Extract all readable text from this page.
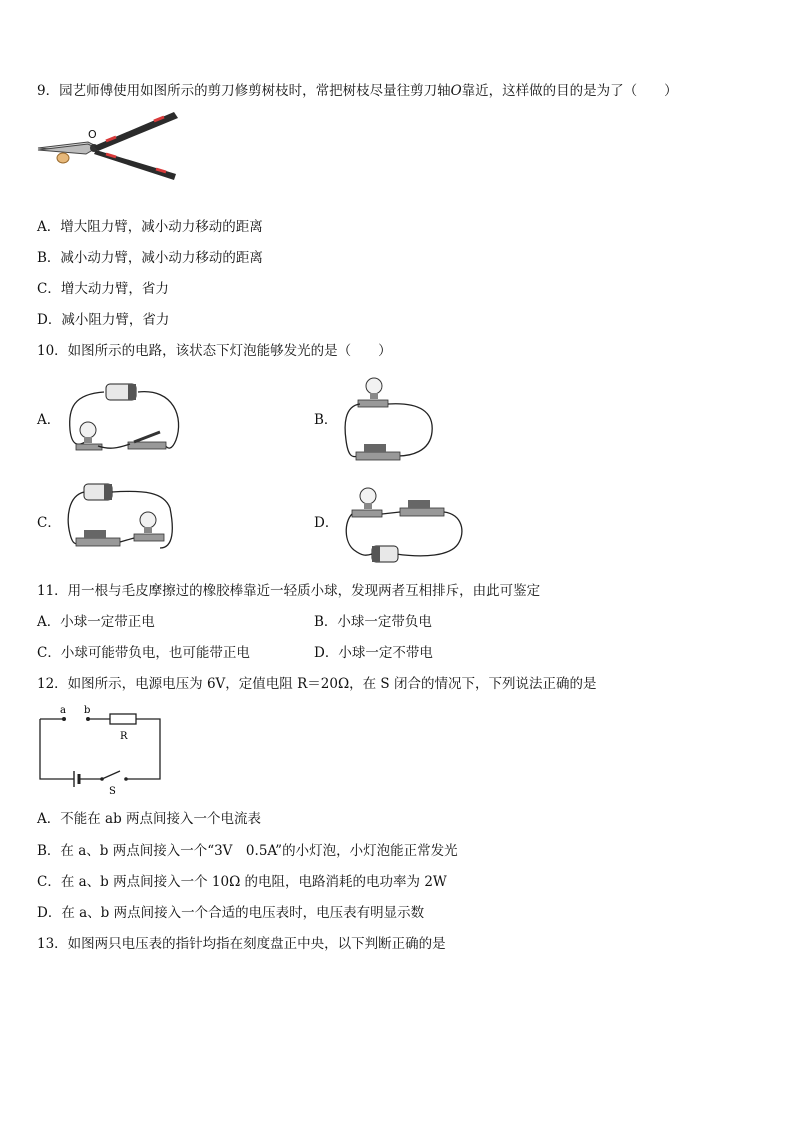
9．园艺师傅使用如图所示的剪刀修剪树枝时，常把树枝尽量往剪刀轴O靠近，这样做的目的是为了（　　）
O
A．增大阻力臂，减小动力移动的距离
B．减小动力臂，减小动力移动的距离
C．增大动力臂，省力
D．减小阻力臂，省力
10．如图所示的电路，该状态下灯泡能够发光的是（　　）
A．	B．
C．	D．
11．用一根与毛皮摩擦过的橡胶棒靠近一轻质小球，发现两者互相排斥，由此可鉴定
A．小球一定带正电	B．小球一定带负电
C．小球可能带负电，也可能带正电	D．小球一定不带电
12．如图所示，电源电压为 6V，定值电阻 R＝20Ω，在 S 闭合的情况下，下列说法正确的是
a b
R
S
A．不能在 ab 两点间接入一个电流表
B．在 a、b 两点间接入一个“3V　0.5A”的小灯泡，小灯泡能正常发光
C．在 a、b 两点间接入一个 10Ω 的电阻，电路消耗的电功率为 2W
D．在 a、b 两点间接入一个合适的电压表时，电压表有明显示数
13．如图两只电压表的指针均指在刻度盘正中央，以下判断正确的是
